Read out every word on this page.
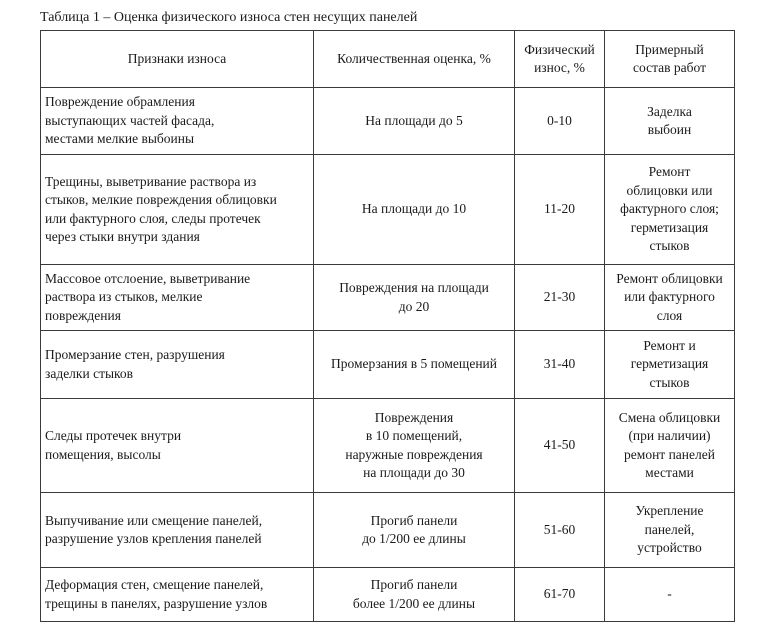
Таблица 1 – Оценка физического износа стен несущих панелей
Признаки износа	Количественная оценка, %	Физический
износ, %	Примерный
состав работ

Повреждение обрамления
выступающих частей фасада,
местами мелкие выбоины	На площади до 5	0-10	Заделка
выбоин

Трещины, выветривание раствора из
стыков, мелкие повреждения облицовки
или фактурного слоя, следы протечек
через стыки внутри здания	На площади до 10	11-20	Ремонт
облицовки или
фактурного слоя;
герметизация
стыков

Массовое отслоение, выветривание
раствора из стыков, мелкие
повреждения	Повреждения на площади
до 20	21-30	Ремонт облицовки
или фактурного
слоя

Промерзание стен, разрушения
заделки стыков	Промерзания в 5 помещений	31-40	Ремонт и
герметизация
стыков

Следы протечек внутри
помещения, высолы	Повреждения
в 10 помещений,
наружные повреждения
на площади до 30	41-50	Смена облицовки
(при наличии)
ремонт панелей
местами

Выпучивание или смещение панелей,
разрушение узлов крепления панелей	Прогиб панели
до 1/200 ее длины	51-60	Укрепление
панелей,
устройство

Деформация стен, смещение панелей,
трещины в панелях, разрушение узлов	Прогиб панели
более 1/200 ее длины	61-70	-
